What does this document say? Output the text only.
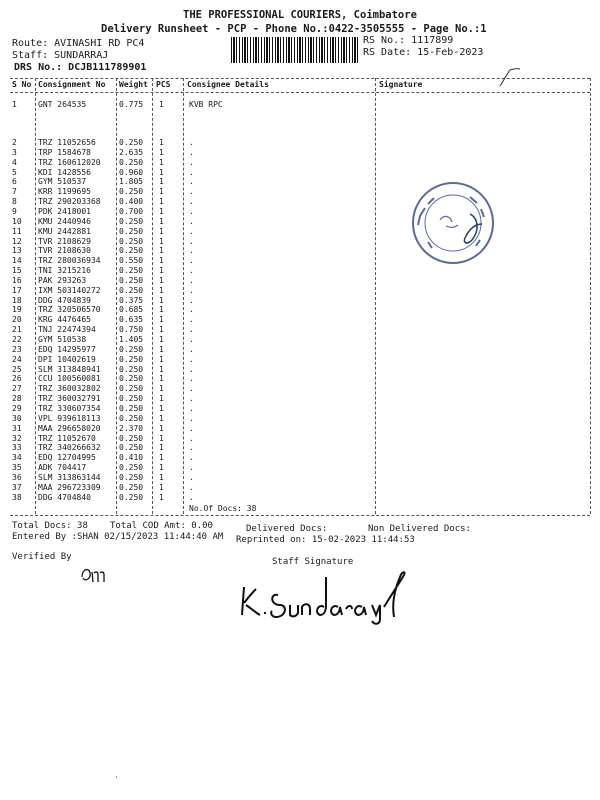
THE PROFESSIONAL COURIERS, Coimbatore
Delivery Runsheet - PCP - Phone No.:0422-3505555 - Page No.:1
Route: AVINASHI RD PC4
Staff: SUNDARRAJ
DRS No.: DCJB111789901
RS No.: 1117899
RS Date: 15-Feb-2023
S No Consignment No Weight PCS Consignee Details	Signature
1	GNT 264535	0.775 1	KVB RPC
2	TRZ 11052656	0.250 1	.
3	TRP 1584678	2.635 1	.
4	TRZ 160612020 0.250 1	.
5	KDI 1428556	0.960 1	.
6	GYM 510537	1.805 1	.
7	KRR 1199695	0.250 1	.
8	TRZ 290203368 0.400 1	.
9	PDK 2418001	0.700 1	.
10 KMU 2440946	0.250 1	.
11 KMU 2442881	0.250 1	.
12 TVR 2108629	0.250 1	.
13 TVR 2108630	0.250 1	.
14 TRZ 280036934 0.550 1	.
15 TNI 3215216	0.250 1	.
16 PAK 293263	0.250 1	.
17 IXM 503140272 0.250 1	.
18 DDG 4704839	0.375 1	.
19 TRZ 320506570 0.685 1	.
20 KRG 4476465	0.635 1	.
21 TNJ 22474394	0.750 1	.
22 GYM 510538	1.405 1	.
23 EDQ 14295977	0.250 1	.
24 DPI 10402619	0.250 1	.
25 SLM 313848941 0.250 1	.
26 CCU 100560081 0.250 1	.
27 TRZ 360032802 0.250 1	.
28 TRZ 360032791 0.250 1	.
29 TRZ 330607354 0.250 1	.
30 VPL 939618113 0.250 1	.
31 MAA 296658020 2.370 1	.
32 TRZ 11052670	0.250 1	.
33 TRZ 340266632 0.250 1	.
34 EDQ 12704995	0.410 1	.
35 ADK 704417	0.250 1	.
36 SLM 313863144 0.250 1	.
37 MAA 296723309 0.250 1	.
38 DDG 4704840	0.250 1	.
No.Of Docs: 38
Total Docs: 38 Total COD Amt: 0.00	Delivered Docs:	Non Delivered Docs:
Entered By :SHAN 02/15/2023 11:44:40 AM Reprinted on: 15-02-2023 11:44:53
Verified By	Staff Signature
ʾ
